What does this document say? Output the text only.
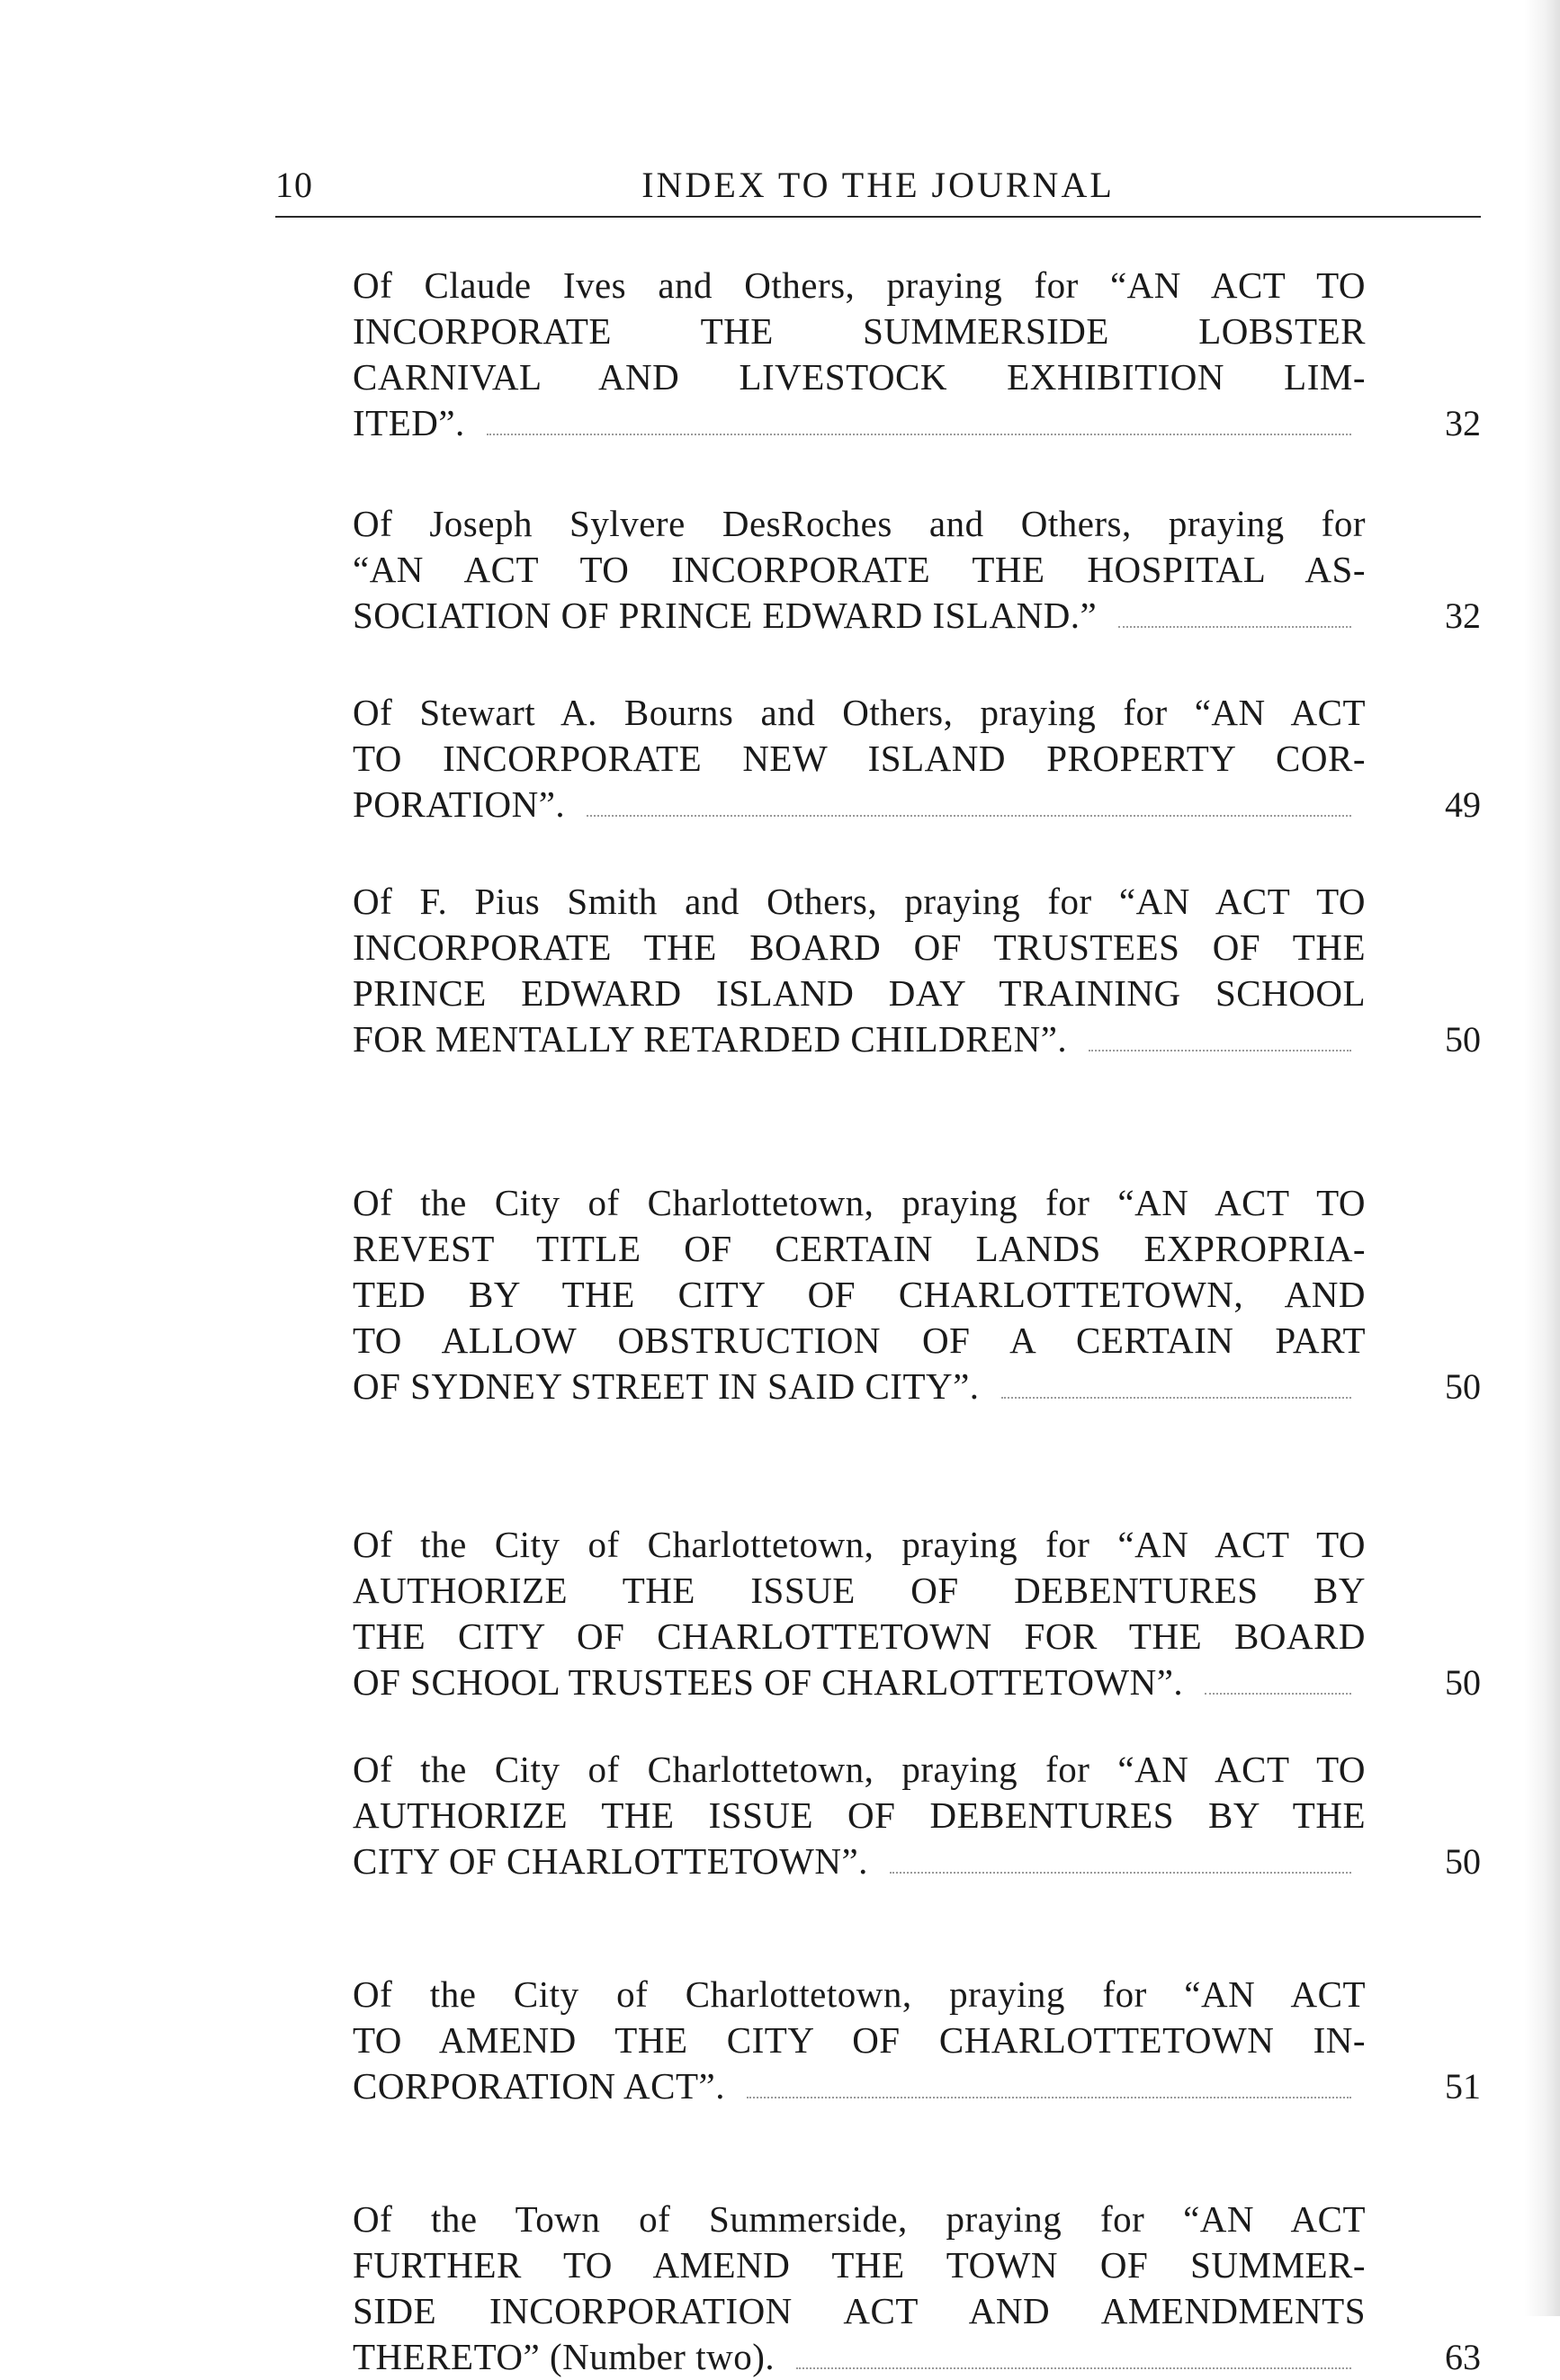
10	INDEX TO THE JOURNAL
Of Claude Ives and Others, praying for “AN ACT TO
INCORPORATE THE SUMMERSIDE LOBSTER
CARNIVAL AND LIVESTOCK EXHIBITION LIM-
ITED”.	32
Of Joseph Sylvere DesRoches and Others, praying for
“AN ACT TO INCORPORATE THE HOSPITAL AS-
SOCIATION OF PRINCE EDWARD ISLAND.”	32
Of Stewart A. Bourns and Others, praying for “AN ACT
TO INCORPORATE NEW ISLAND PROPERTY COR-
PORATION”.	49
Of F. Pius Smith and Others, praying for “AN ACT TO
INCORPORATE THE BOARD OF TRUSTEES OF THE
PRINCE EDWARD ISLAND DAY TRAINING SCHOOL
FOR MENTALLY RETARDED CHILDREN”.	50
Of the City of Charlottetown, praying for “AN ACT TO
REVEST TITLE OF CERTAIN LANDS EXPROPRIA-
TED BY THE CITY OF CHARLOTTETOWN, AND
TO ALLOW OBSTRUCTION OF A CERTAIN PART
OF SYDNEY STREET IN SAID CITY”.	50
Of the City of Charlottetown, praying for “AN ACT TO
AUTHORIZE THE ISSUE OF DEBENTURES BY
THE CITY OF CHARLOTTETOWN FOR THE BOARD
OF SCHOOL TRUSTEES OF CHARLOTTETOWN”.	50
Of the City of Charlottetown, praying for “AN ACT TO
AUTHORIZE THE ISSUE OF DEBENTURES BY THE
CITY OF CHARLOTTETOWN”.	50
Of the City of Charlottetown, praying for “AN ACT
TO AMEND THE CITY OF CHARLOTTETOWN IN-
CORPORATION ACT”.	51
Of the Town of Summerside, praying for “AN ACT
FURTHER TO AMEND THE TOWN OF SUMMER-
SIDE INCORPORATION ACT AND AMENDMENTS
THERETO” (Number two).	63
